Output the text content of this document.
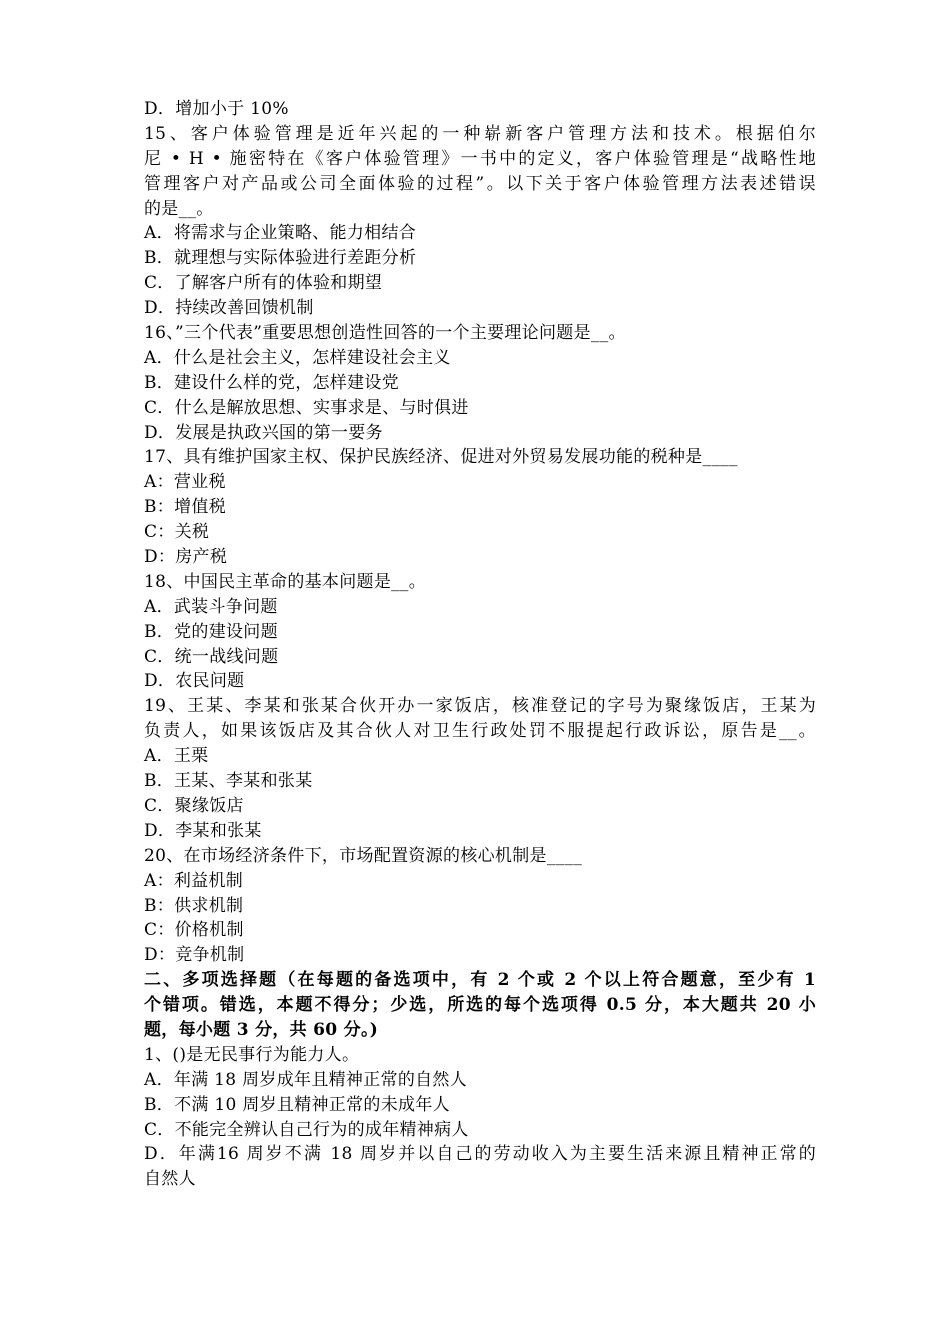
D．增加小于 10%
15、客户体验管理是近年兴起的一种崭新客户管理方法和技术。根据伯尔
尼 • H • 施密特在《客户体验管理》一书中的定义，客户体验管理是“战略性地
管理客户对产品或公司全面体验的过程”。以下关于客户体验管理方法表述错误
的是__。
A．将需求与企业策略、能力相结合
B．就理想与实际体验进行差距分析
C．了解客户所有的体验和期望
D．持续改善回馈机制
16、”三个代表”重要思想创造性回答的一个主要理论问题是__。
A．什么是社会主义，怎样建设社会主义
B．建设什么样的党，怎样建设党
C．什么是解放思想、实事求是、与时俱进
D．发展是执政兴国的第一要务
17、具有维护国家主权、保护民族经济、促进对外贸易发展功能的税种是____
A：营业税
B：增值税
C：关税
D：房产税
18、中国民主革命的基本问题是__。
A．武装斗争问题
B．党的建设问题
C．统一战线问题
D．农民问题
19、王某、李某和张某合伙开办一家饭店，核准登记的字号为聚缘饭店，王某为
负责人，如果该饭店及其合伙人对卫生行政处罚不服提起行政诉讼，原告是__。
A．王栗
B．王某、李某和张某
C．聚缘饭店
D．李某和张某
20、在市场经济条件下，市场配置资源的核心机制是____
A：利益机制
B：供求机制
C：价格机制
D：竞争机制
二、多项选择题（在每题的备选项中，有 2 个或 2 个以上符合题意，至少有 1
个错项。错选，本题不得分；少选，所选的每个选项得 0.5 分，本大题共 20 小
题，每小题 3 分，共 60 分。)
1、()是无民事行为能力人。
A．年满 18 周岁成年且精神正常的自然人
B．不满 10 周岁且精神正常的未成年人
C．不能完全辨认自己行为的成年精神病人
D．年满16 周岁不满 18 周岁并以自己的劳动收入为主要生活来源且精神正常的
自然人
